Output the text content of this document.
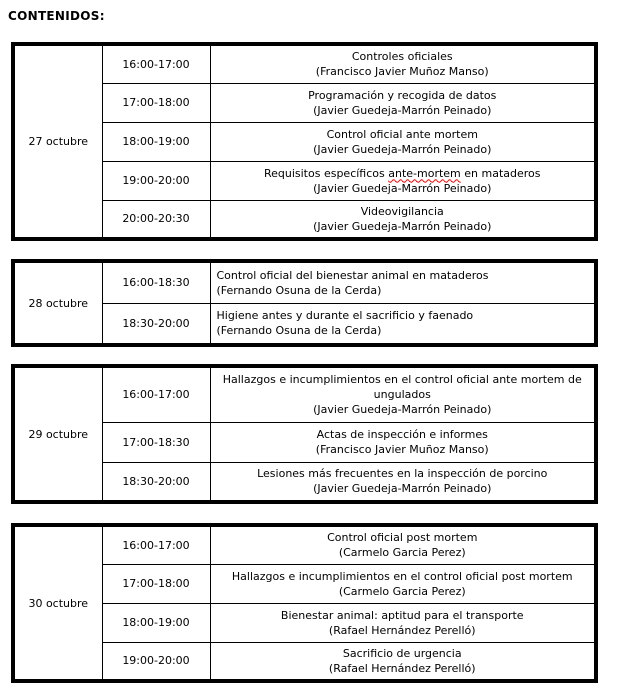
CONTENIDOS:
27 octubre	16:00-17:00	Controles oficiales
(Francisco Javier Muñoz Manso)

	17:00-18:00	Programación y recogida de datos
(Javier Guedeja-Marrón Peinado)

	18:00-19:00	Control oficial ante mortem
(Javier Guedeja-Marrón Peinado)

	19:00-20:00	Requisitos específicos ante-mortem en mataderos
(Javier Guedeja-Marrón Peinado)

	20:00-20:30	Videovigilancia
(Javier Guedeja-Marrón Peinado)
28 octubre	16:00-18:30	Control oficial del bienestar animal en mataderos
(Fernando Osuna de la Cerda)

	18:30-20:00	Higiene antes y durante el sacrificio y faenado
(Fernando Osuna de la Cerda)
29 octubre	16:00-17:00	Hallazgos e incumplimientos en el control oficial ante mortem de ungulados
(Javier Guedeja-Marrón Peinado)

	17:00-18:30	Actas de inspección e informes
(Francisco Javier Muñoz Manso)

	18:30-20:00	Lesiones más frecuentes en la inspección de porcino
(Javier Guedeja-Marrón Peinado)
30 octubre	16:00-17:00	Control oficial post mortem
(Carmelo Garcia Perez)

	17:00-18:00	Hallazgos e incumplimientos en el control oficial post mortem
(Carmelo Garcia Perez)

	18:00-19:00	Bienestar animal: aptitud para el transporte
(Rafael Hernández Perelló)

	19:00-20:00	Sacrificio de urgencia
(Rafael Hernández Perelló)
